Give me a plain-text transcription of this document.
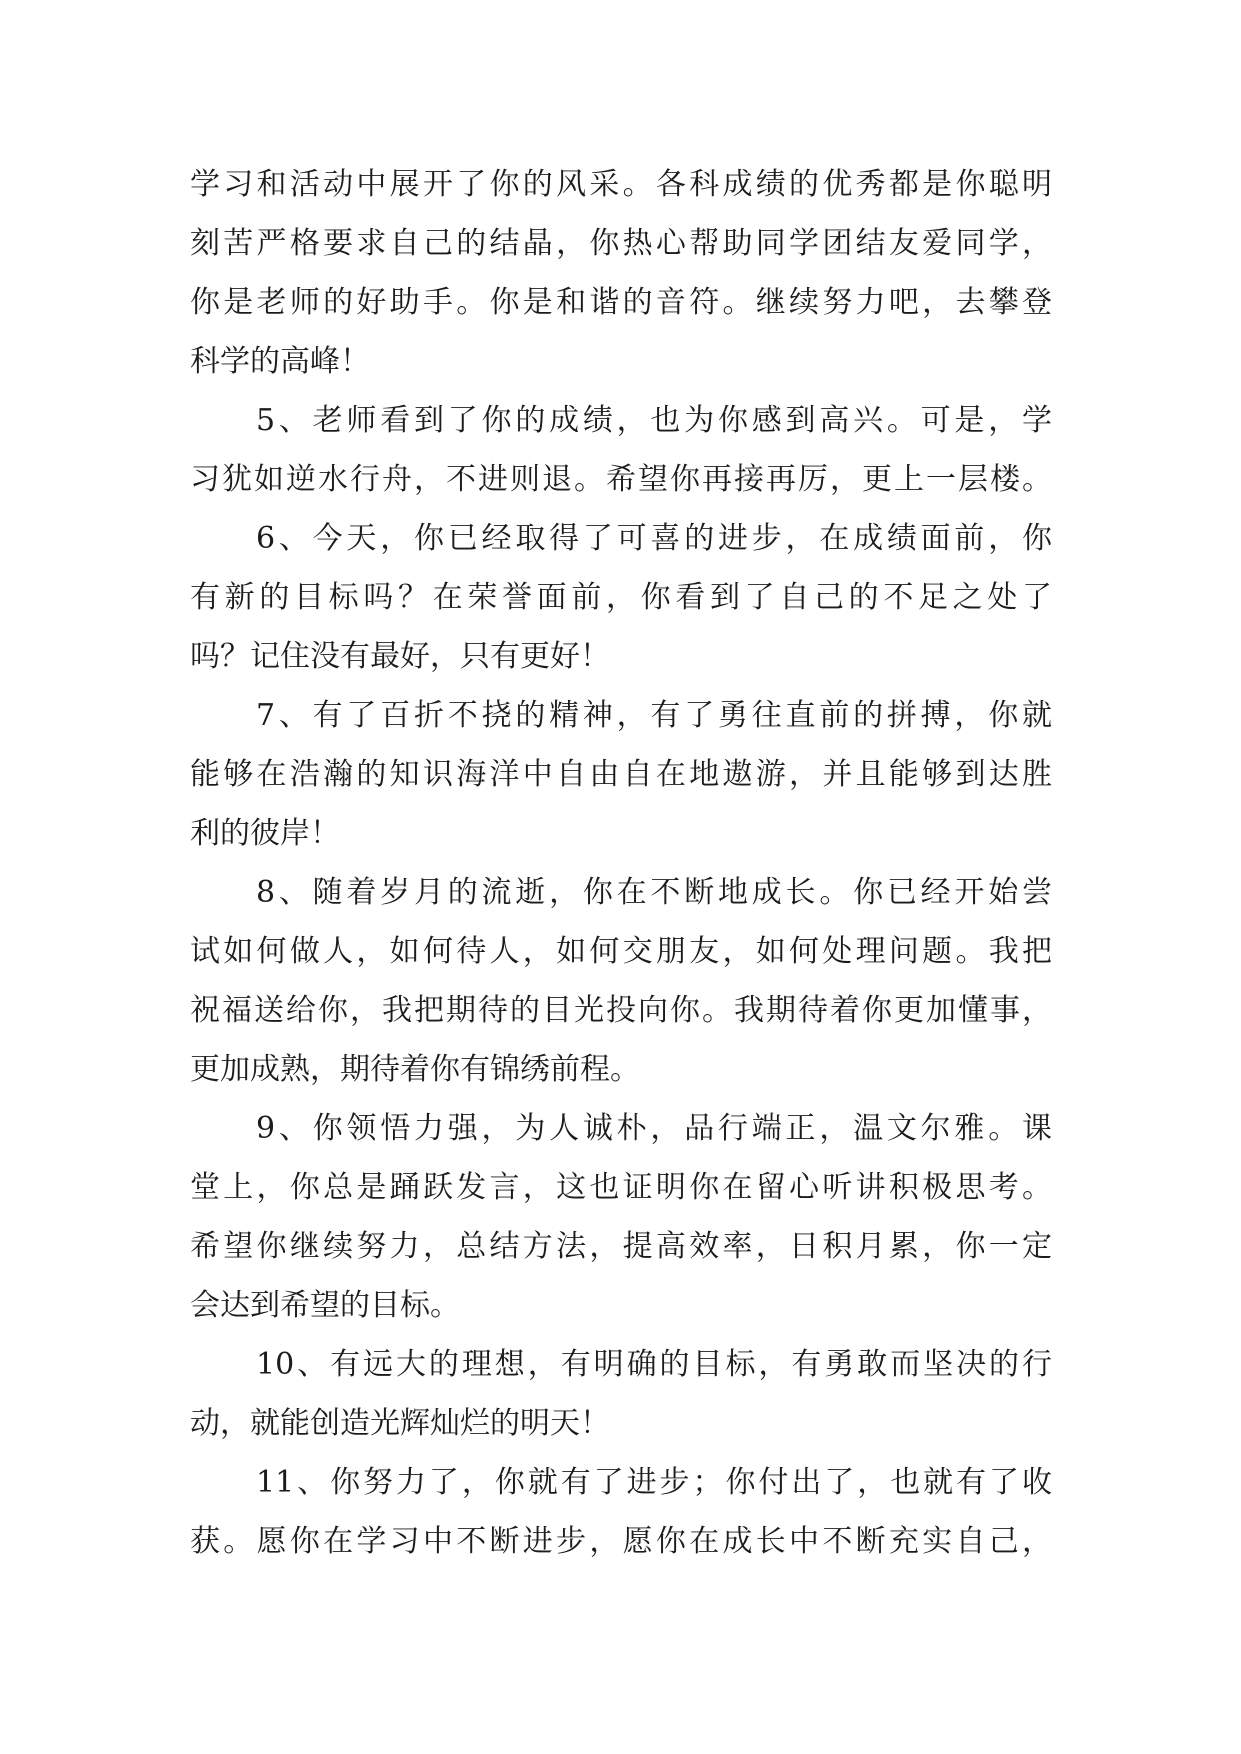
学习和活动中展开了你的风采。各科成绩的优秀都是你聪明
刻苦严格要求自己的结晶，你热心帮助同学团结友爱同学，
你是老师的好助手。你是和谐的音符。继续努力吧，去攀登
科学的高峰！
5、老师看到了你的成绩，也为你感到高兴。可是，学
习犹如逆水行舟，不进则退。希望你再接再厉，更上一层楼。
6、今天，你已经取得了可喜的进步，在成绩面前，你
有新的目标吗？在荣誉面前，你看到了自己的不足之处了
吗？记住没有最好，只有更好！
7、有了百折不挠的精神，有了勇往直前的拼搏，你就
能够在浩瀚的知识海洋中自由自在地遨游，并且能够到达胜
利的彼岸！
8、随着岁月的流逝，你在不断地成长。你已经开始尝
试如何做人，如何待人，如何交朋友，如何处理问题。我把
祝福送给你，我把期待的目光投向你。我期待着你更加懂事，
更加成熟，期待着你有锦绣前程。
9、你领悟力强，为人诚朴，品行端正，温文尔雅。课
堂上，你总是踊跃发言，这也证明你在留心听讲积极思考。
希望你继续努力，总结方法，提高效率，日积月累，你一定
会达到希望的目标。
10、有远大的理想，有明确的目标，有勇敢而坚决的行
动，就能创造光辉灿烂的明天！
11、你努力了，你就有了进步；你付出了，也就有了收
获。愿你在学习中不断进步，愿你在成长中不断充实自己，
